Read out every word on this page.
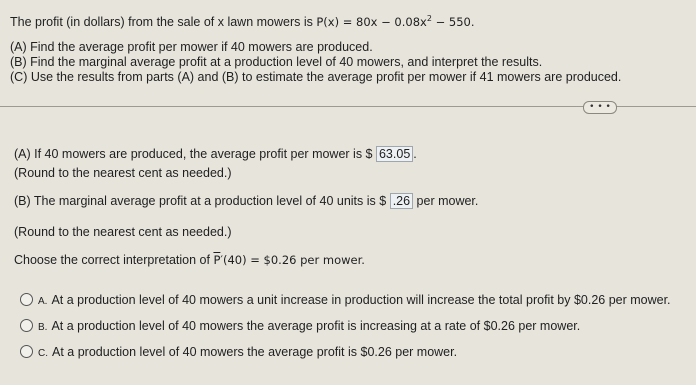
The profit (in dollars) from the sale of x lawn mowers is $P(x) = 80x - 0.08x^2 - 550$.
(A) Find the average profit per mower if 40 mowers are produced.
(B) Find the marginal average profit at a production level of 40 mowers, and interpret the results.
(C) Use the results from parts (A) and (B) to estimate the average profit per mower if 41 mowers are produced.
• • •
(A) If 40 mowers are produced, the average profit per mower is $ 63.05 .
(Round to the nearest cent as needed.)
(B) The marginal average profit at a production level of 40 units is $ .26 per mower.
(Round to the nearest cent as needed.)
Choose the correct interpretation of $\overline{P}'(40)$ = $0.26 per mower.
A. At a production level of 40 mowers a unit increase in production will increase the total profit by $0.26 per mower.
B. At a production level of 40 mowers the average profit is increasing at a rate of $0.26 per mower.
C. At a production level of 40 mowers the average profit is $0.26 per mower.
